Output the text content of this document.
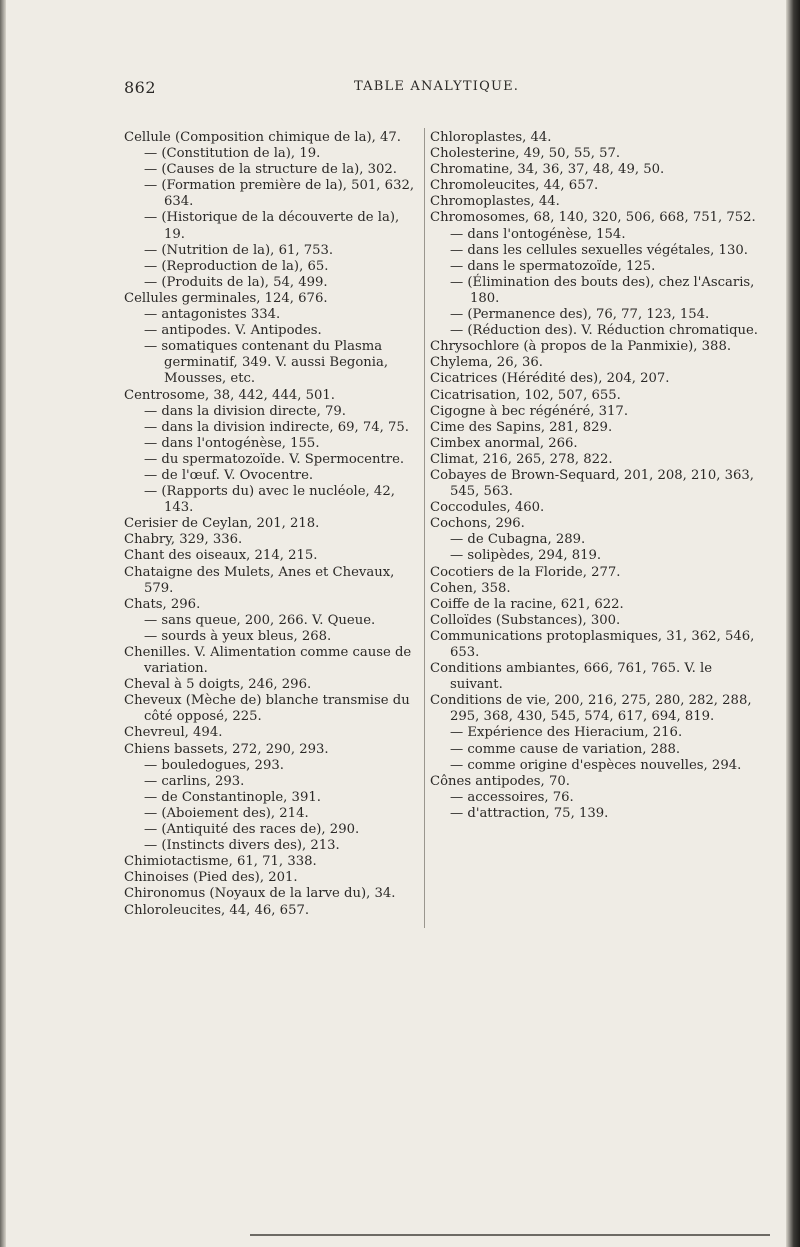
862	TABLE ANALYTIQUE.

Cellule (Composition chimique de la), 47.

— (Constitution de la), 19.

— (Causes de la structure de la), 302.

— (Formation première de la), 501, 632, 634.

— (Historique de la découverte de la), 19.

— (Nutrition de la), 61, 753.

— (Reproduction de la), 65.

— (Produits de la), 54, 499.

Cellules germinales, 124, 676.

— antagonistes 334.

— antipodes. V. Antipodes.

— somatiques contenant du Plasma germinatif, 349. V. aussi Begonia, Mousses, etc.

Centrosome, 38, 442, 444, 501.

— dans la division directe, 79.

— dans la division indirecte, 69, 74, 75.

— dans l'ontogénèse, 155.

— du spermatozoïde. V. Spermocentre.

— de l'œuf. V. Ovocentre.

— (Rapports du) avec le nucléole, 42, 143.

Cerisier de Ceylan, 201, 218.

Chabry, 329, 336.

Chant des oiseaux, 214, 215.

Chataigne des Mulets, Anes et Chevaux, 579.

Chats, 296.

— sans queue, 200, 266. V. Queue.

— sourds à yeux bleus, 268.

Chenilles. V. Alimentation comme cause de variation.

Cheval à 5 doigts, 246, 296.

Cheveux (Mèche de) blanche transmise du côté opposé, 225.

Chevreul, 494.

Chiens bassets, 272, 290, 293.

— bouledogues, 293.

— carlins, 293.

— de Constantinople, 391.

— (Aboiement des), 214.

— (Antiquité des races de), 290.

— (Instincts divers des), 213.

Chimiotactisme, 61, 71, 338.

Chinoises (Pied des), 201.

Chironomus (Noyaux de la larve du), 34.

Chloroleucites, 44, 46, 657.

Chloroplastes, 44.

Cholesterine, 49, 50, 55, 57.

Chromatine, 34, 36, 37, 48, 49, 50.

Chromoleucites, 44, 657.

Chromoplastes, 44.

Chromosomes, 68, 140, 320, 506, 668, 751, 752.

— dans l'ontogénèse, 154.

— dans les cellules sexuelles végétales, 130.

— dans le spermatozoïde, 125.

— (Élimination des bouts des), chez l'Ascaris, 180.

— (Permanence des), 76, 77, 123, 154.

— (Réduction des). V. Réduction chromatique.

Chrysochlore (à propos de la Panmixie), 388.

Chylema, 26, 36.

Cicatrices (Hérédité des), 204, 207.

Cicatrisation, 102, 507, 655.

Cigogne à bec régénéré, 317.

Cime des Sapins, 281, 829.

Cimbex anormal, 266.

Climat, 216, 265, 278, 822.

Cobayes de Brown-Sequard, 201, 208, 210, 363, 545, 563.

Coccodules, 460.

Cochons, 296.

— de Cubagna, 289.

— solipèdes, 294, 819.

Cocotiers de la Floride, 277.

Cohen, 358.

Coiffe de la racine, 621, 622.

Colloïdes (Substances), 300.

Communications protoplasmiques, 31, 362, 546, 653.

Conditions ambiantes, 666, 761, 765. V. le suivant.

Conditions de vie, 200, 216, 275, 280, 282, 288, 295, 368, 430, 545, 574, 617, 694, 819.

— Expérience des Hieracium, 216.

— comme cause de variation, 288.

— comme origine d'espèces nouvelles, 294.

Cônes antipodes, 70.

— accessoires, 76.

— d'attraction, 75, 139.
